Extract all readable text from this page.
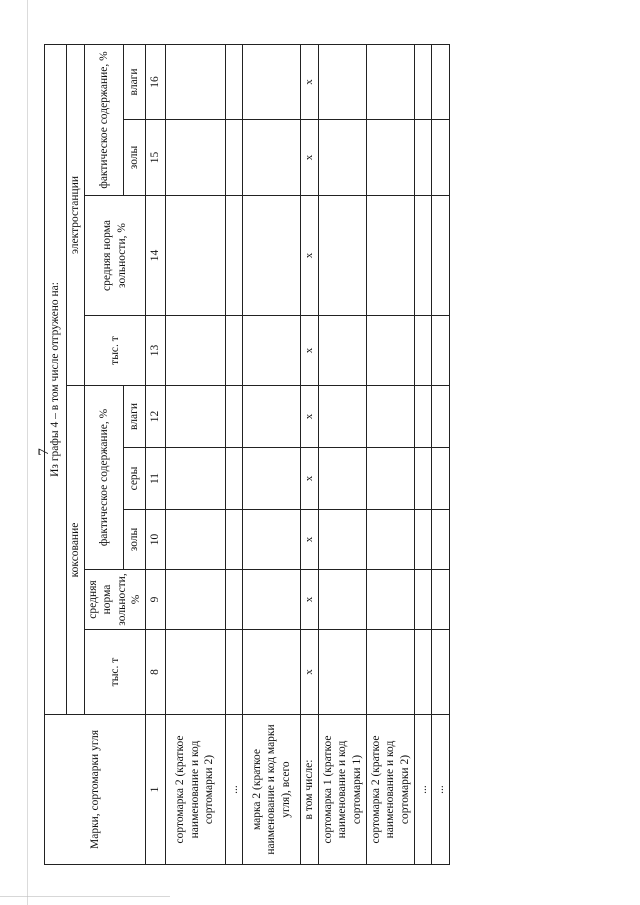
7
Марки, сортомарки угля	Из графы 4 – в том числе отгружено на:								
	коксование					электростанции			
	тыс. т	средняя норма зольности, %	фактическое содержание, %			тыс. т	средняя норма зольности, %	фактическое содержание, %	
			золы	серы	влаги			золы	влаги
1	8	9	10	11	12	13	14	15	16
сортомарка 2 (краткое наименование и код сортомарки 2)									
...									
марка 2 (краткое наименование и код марки угля), всего									
в том числе:	x	x	x	x	x	x	x	x	x
сортомарка 1 (краткое наименование и код сортомарки 1)									
сортомарка 2 (краткое наименование и код сортомарки 2)									
...									
...									
